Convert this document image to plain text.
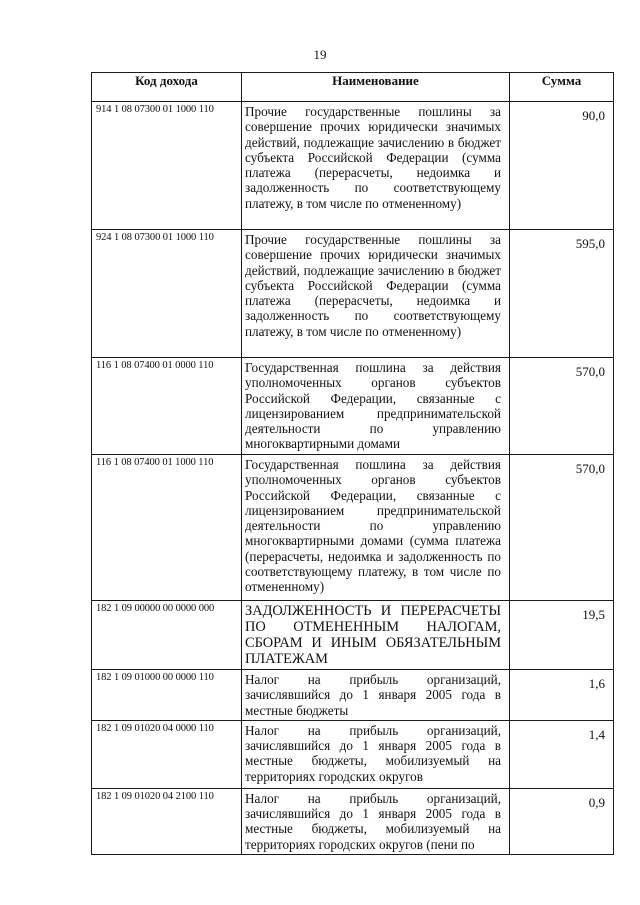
19
Код дохода	Наименование	Сумма
914 1 08 07300 01 1000 110	Прочие государственные пошлины за совершение прочих юридически значимых действий, подлежащие зачислению в бюджет субъекта Российской Федерации (сумма платежа (перерасчеты, недоимка и задолженность по соответствующему платежу, в том числе по отмененному)	90,0
924 1 08 07300 01 1000 110	Прочие государственные пошлины за совершение прочих юридически значимых действий, подлежащие зачислению в бюджет субъекта Российской Федерации (сумма платежа (перерасчеты, недоимка и задолженность по соответствующему платежу, в том числе по отмененному)	595,0
116 1 08 07400 01 0000 110	Государственная пошлина за действия уполномоченных органов субъектов Российской Федерации, связанные с лицензированием предпринимательской деятельности по управлению многоквартирными домами	570,0
116 1 08 07400 01 1000 110	Государственная пошлина за действия уполномоченных органов субъектов Российской Федерации, связанные с лицензированием предпринимательской деятельности по управлению многоквартирными домами (сумма платежа (перерасчеты, недоимка и задолженность по соответствующему платежу, в том числе по отмененному)	570,0
182 1 09 00000 00 0000 000	ЗАДОЛЖЕННОСТЬ И ПЕРЕРАСЧЕТЫ ПО ОТМЕНЕННЫМ НАЛОГАМ, СБОРАМ И ИНЫМ ОБЯЗАТЕЛЬНЫМ ПЛАТЕЖАМ	19,5
182 1 09 01000 00 0000 110	Налог на прибыль организаций, зачислявшийся до 1 января 2005 года в местные бюджеты	1,6
182 1 09 01020 04 0000 110	Налог на прибыль организаций, зачислявшийся до 1 января 2005 года в местные бюджеты, мобилизуемый на территориях городских округов	1,4
182 1 09 01020 04 2100 110	Налог на прибыль организаций, зачислявшийся до 1 января 2005 года в местные бюджеты, мобилизуемый на территориях городских округов (пени по	0,9
